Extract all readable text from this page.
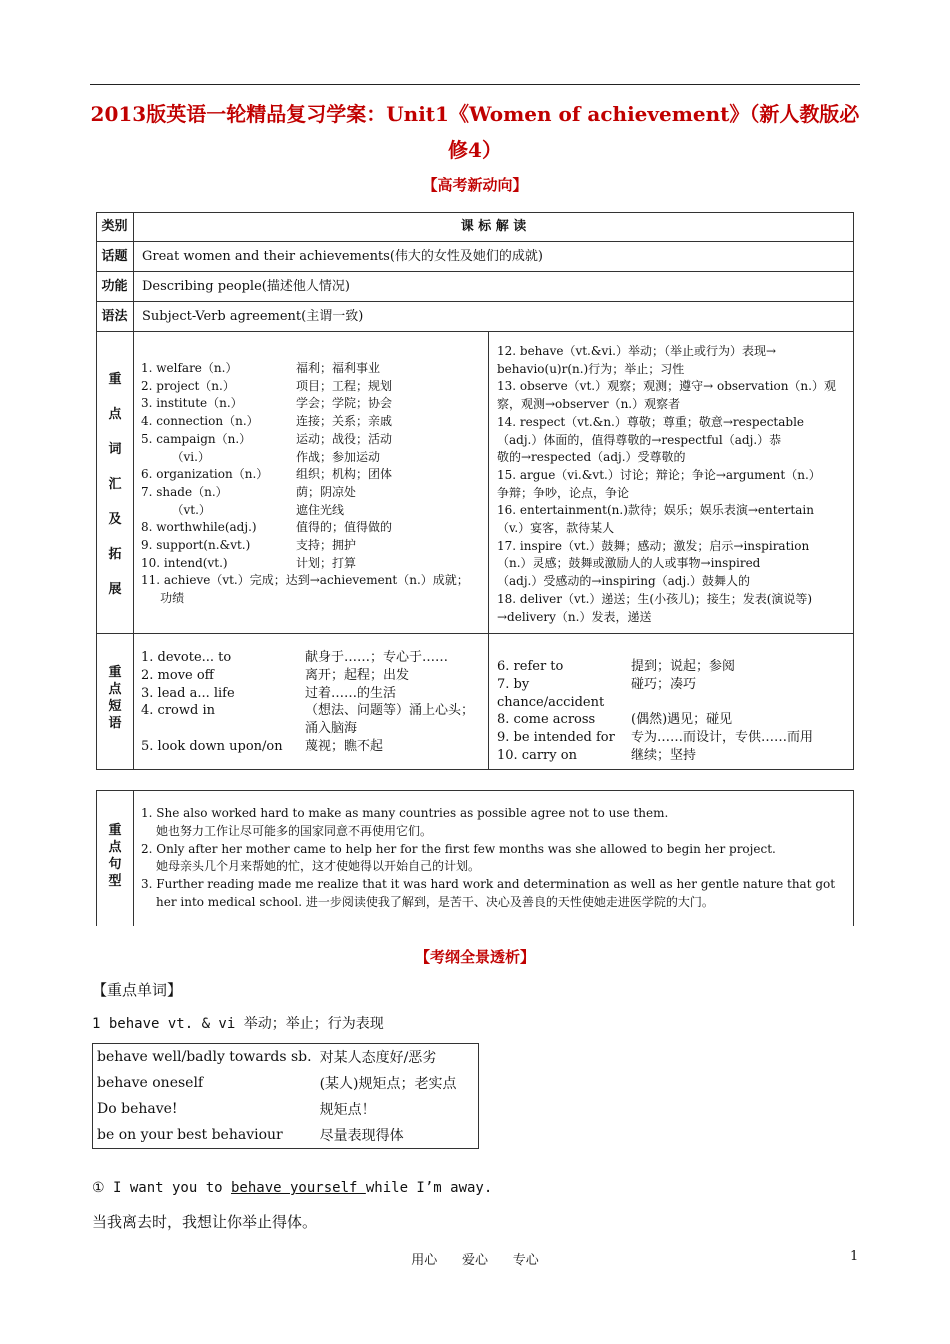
2013版英语一轮精品复习学案：Unit1《Women of achievement》（新人教版必修4）
【高考新动向】
类别	课 标 解 读
话题	Great women and their achievements(伟大的女性及她们的成就)
功能	Describing people(描述他人情况)
语法	Subject-Verb agreement(主谓一致)
重
点
词
汇
及
拓
展
1. welfare（n.）	福利；福利事业
2. project（n.）	项目；工程；规划
3. institute（n.）	学会；学院；协会
4. connection（n.）	连接；关系；亲戚
5. campaign（n.）	运动；战役；活动
（vi.）	作战；参加运动
6. organization（n.）	组织；机构；团体
7. shade（n.）	荫；阴凉处
（vt.）	遮住光线
8. worthwhile(adj.)	值得的；值得做的
9. support(n.&vt.)	支持；拥护
10. intend(vt.)	计划；打算
11. achieve（vt.）完成；达到→achievement（n.）成就；
功绩
12. behave（vt.&vi.）举动；（举止或行为）表现→
behavio(u)r(n.)行为；举止；习性
13. observe（vt.）观察；观测；遵守→ observation（n.）观
察，观测→observer（n.）观察者
14. respect（vt.&n.）尊敬；尊重；敬意→respectable
（adj.）体面的，值得尊敬的→respectful（adj.）恭
敬的→respected（adj.）受尊敬的
15. argue（vi.&vt.）讨论；辩论；争论→argument（n.）
争辩；争吵，论点，争论
16. entertainment(n.)款待；娱乐；娱乐表演→entertain
（v.）宴客，款待某人
17. inspire（vt.）鼓舞；感动；激发；启示→inspiration
（n.）灵感；鼓舞或激励人的人或事物→inspired
（adj.）受感动的→inspiring（adj.）鼓舞人的
18. deliver（vt.）递送；生(小孩儿)；接生；发表(演说等)
→delivery（n.）发表，递送
重
点
短
语
1. devote... to	献身于……；专心于……
2. move off	离开；起程；出发
3. lead a... life	过着……的生活
4. crowd in	（想法、问题等）涌上心头；
涌入脑海
5. look down upon/on	蔑视；瞧不起
6. refer to	提到；说起；参阅
7. by chance/accident
碰巧；凑巧
8. come across	(偶然)遇见；碰见
9. be intended for	专为……而设计，专供……而用
10. carry on	继续；坚持
重
点
句
型
1. She also worked hard to make as many countries as possible agree not to use them.
她也努力工作让尽可能多的国家同意不再使用它们。
2. Only after her mother came to help her for the first few months was she allowed to begin her project.
她母亲头几个月来帮她的忙，这才使她得以开始自己的计划。
3. Further reading made me realize that it was hard work and determination as well as her gentle nature that got
her into medical school. 进一步阅读使我了解到，是苦干、决心及善良的天性使她走进医学院的大门。
【考纲全景透析】
【重点单词】
1 behave vt. & vi 举动；举止；行为表现
behave well/badly towards sb.	对某人态度好/恶劣
behave oneself	(某人)规矩点；老实点
Do behave!	规矩点！
be on your best behaviour	尽量表现得体
① I want you to behave yourself while I’m away.
当我离去时，我想让你举止得体。
用心      爱心      专心	1
